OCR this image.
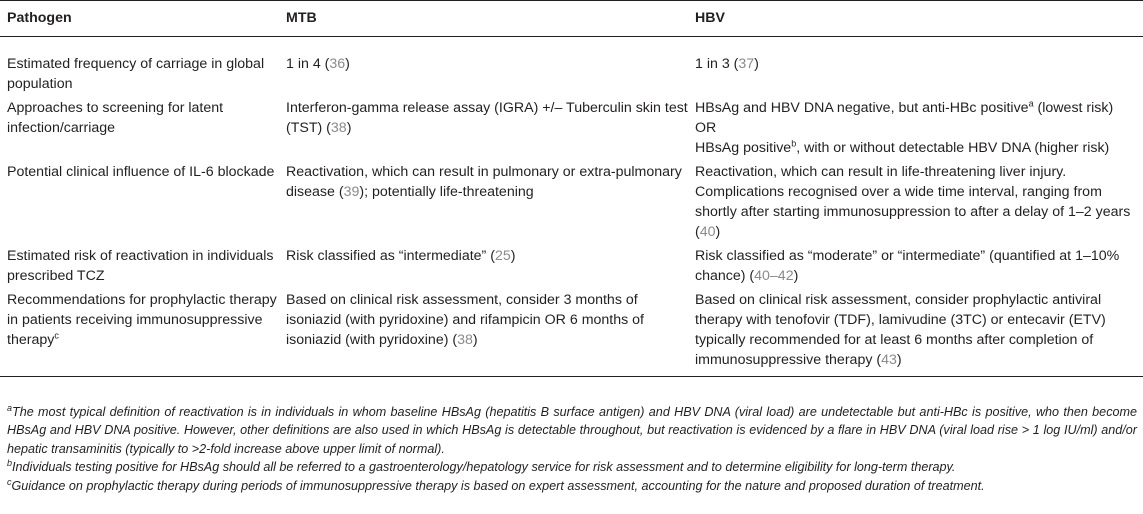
Pathogen	MTB	HBV
Estimated frequency of carriage in global population	1 in 4 (36)	1 in 3 (37)
Approaches to screening for latent infection/carriage	Interferon-gamma release assay (IGRA) +/– Tuberculin skin test (TST) (38)	HBsAg and HBV DNA negative, but anti-HBc positive$^a$ (lowest risk)
OR
HBsAg positive$^b$, with or without detectable HBV DNA (higher risk)
Potential clinical influence of IL-6 blockade	Reactivation, which can result in pulmonary or extra-pulmonary disease (39); potentially life-threatening	Reactivation, which can result in life-threatening liver injury. Complications recognised over a wide time interval, ranging from shortly after starting immunosuppression to after a delay of 1–2 years (40)
Estimated risk of reactivation in individuals prescribed TCZ	Risk classified as “intermediate” (25)	Risk classified as “moderate” or “intermediate” (quantified at 1–10% chance) (40–42)
Recommendations for prophylactic therapy in patients receiving immunosuppressive therapy$^c$	Based on clinical risk assessment, consider 3 months of isoniazid (with pyridoxine) and rifampicin OR 6 months of isoniazid (with pyridoxine) (38)	Based on clinical risk assessment, consider prophylactic antiviral therapy with tenofovir (TDF), lamivudine (3TC) or entecavir (ETV) typically recommended for at least 6 months after completion of immunosuppressive therapy (43)

$^a$The most typical definition of reactivation is in individuals in whom baseline HBsAg (hepatitis B surface antigen) and HBV DNA (viral load) are undetectable but anti-HBc is positive, who then become HBsAg and HBV DNA positive. However, other definitions are also used in which HBsAg is detectable throughout, but reactivation is evidenced by a flare in HBV DNA (viral load rise > 1 log IU/ml) and/or hepatic transaminitis (typically to >2-fold increase above upper limit of normal).

$^b$Individuals testing positive for HBsAg should all be referred to a gastroenterology/hepatology service for risk assessment and to determine eligibility for long-term therapy.

$^c$Guidance on prophylactic therapy during periods of immunosuppressive therapy is based on expert assessment, accounting for the nature and proposed duration of treatment.
